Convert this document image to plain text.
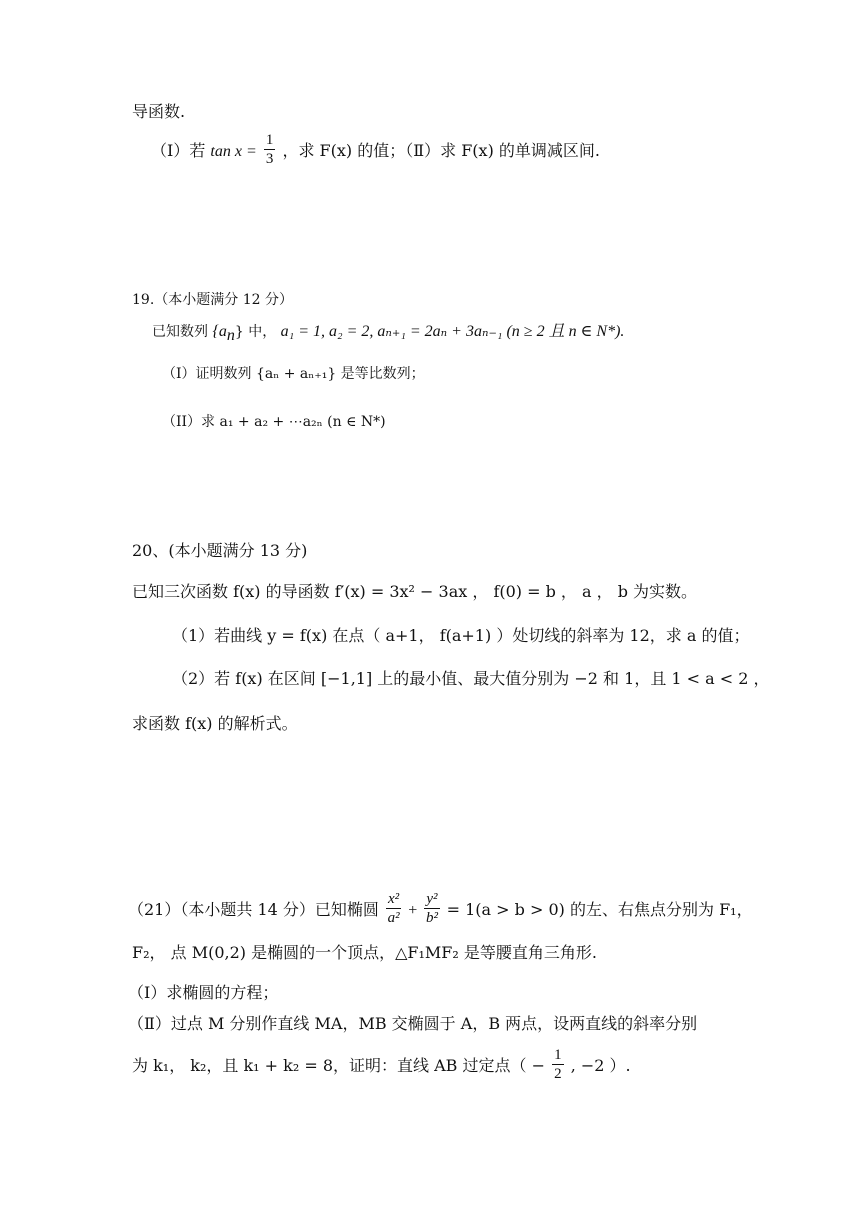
导函数.
（Ⅰ）若 $\tan x = \frac{1}{3}$ ，求 F(x) 的值；（Ⅱ）求 F(x) 的单调减区间.
19.（本小题满分 12 分）
已知数列 $\{a_n\}$ 中， a₁ = 1, a₂ = 2, aₙ₊₁ = 2aₙ + 3aₙ₋₁ (n ≥ 2 且 n ∈ N*).
（I）证明数列 {aₙ + aₙ₊₁} 是等比数列；
（II）求 a₁ + a₂ + ⋯a₂ₙ (n ∈ N*)
20、(本小题满分 13 分)
已知三次函数 f(x) 的导函数 f′(x) = 3x² − 3ax ， f(0) = b ， a ， b 为实数。
（1）若曲线 y = f(x) 在点（ a+1， f(a+1) ）处切线的斜率为 12，求 a 的值；
（2）若 f(x) 在区间 [−1,1] 上的最小值、最大值分别为 −2 和 1，且 1 < a < 2 ，
求函数 f(x) 的解析式。
（21）（本小题共 14 分）已知椭圆 $\frac{\text{x²}}{\text{a²}} + \frac{\text{y²}}{\text{b²}} = 1(a > b > 0)$ 的左、右焦点分别为 F₁，
F₂， 点 M(0,2) 是椭圆的一个顶点，△F₁MF₂ 是等腰直角三角形.
（Ⅰ）求椭圆的方程；
（Ⅱ）过点 M 分别作直线 MA，MB 交椭圆于 A，B 两点，设两直线的斜率分别
为 k₁， k₂，且 k₁ + k₂ = 8，证明：直线 AB 过定点（ − $\frac{1}{2}$ , −2 ）.
